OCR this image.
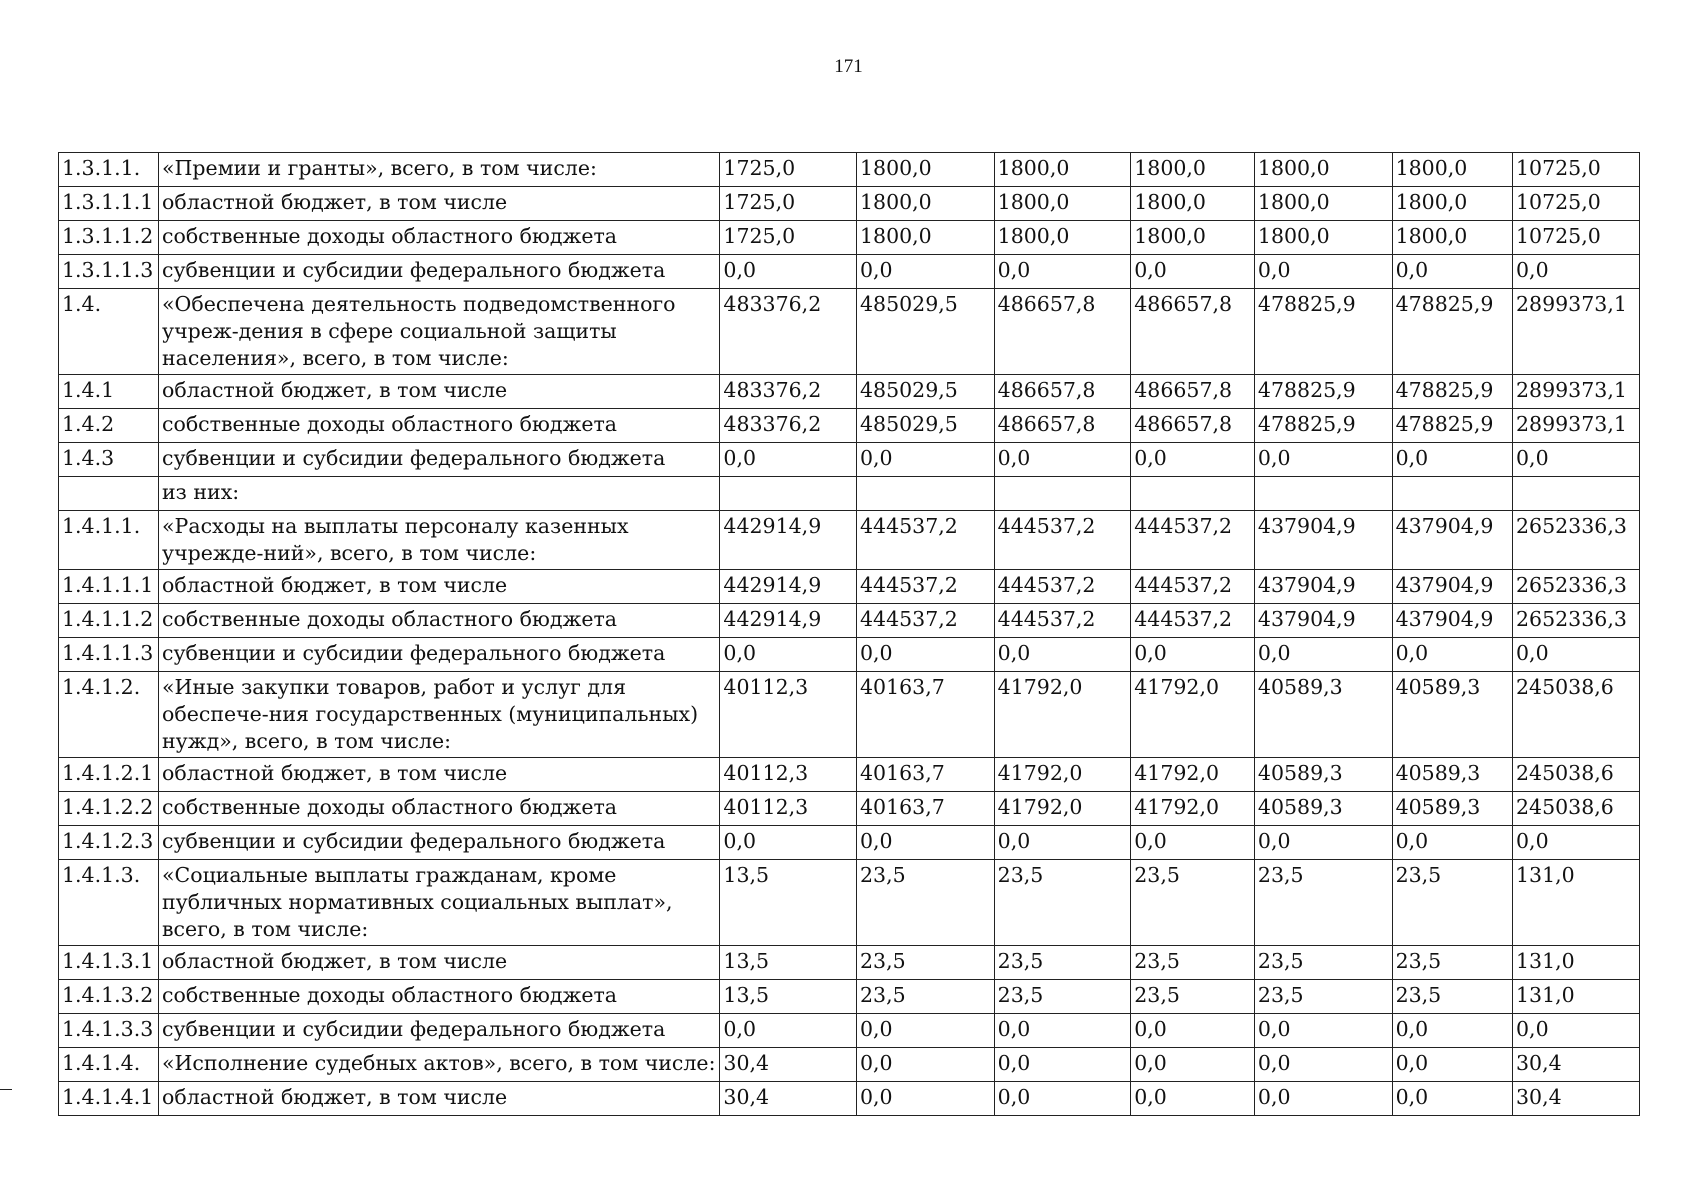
171
1.3.1.1.	«Премии и гранты», всего, в том числе:	1725,0	1800,0	1800,0	1800,0	1800,0	1800,0	10725,0
1.3.1.1.1	областной бюджет, в том числе	1725,0	1800,0	1800,0	1800,0	1800,0	1800,0	10725,0
1.3.1.1.2	собственные доходы областного бюджета	1725,0	1800,0	1800,0	1800,0	1800,0	1800,0	10725,0
1.3.1.1.3	субвенции и субсидии федерального бюджета	0,0	0,0	0,0	0,0	0,0	0,0	0,0
1.4.	«Обеспечена деятельность подведомственного учреж-дения в сфере социальной защиты населения», всего, в том числе:	483376,2	485029,5	486657,8	486657,8	478825,9	478825,9	2899373,1
1.4.1	областной бюджет, в том числе	483376,2	485029,5	486657,8	486657,8	478825,9	478825,9	2899373,1
1.4.2	собственные доходы областного бюджета	483376,2	485029,5	486657,8	486657,8	478825,9	478825,9	2899373,1
1.4.3	субвенции и субсидии федерального бюджета	0,0	0,0	0,0	0,0	0,0	0,0	0,0
	из них:							
1.4.1.1.	«Расходы на выплаты персоналу казенных учрежде-ний», всего, в том числе:	442914,9	444537,2	444537,2	444537,2	437904,9	437904,9	2652336,3
1.4.1.1.1	областной бюджет, в том числе	442914,9	444537,2	444537,2	444537,2	437904,9	437904,9	2652336,3
1.4.1.1.2	собственные доходы областного бюджета	442914,9	444537,2	444537,2	444537,2	437904,9	437904,9	2652336,3
1.4.1.1.3	субвенции и субсидии федерального бюджета	0,0	0,0	0,0	0,0	0,0	0,0	0,0
1.4.1.2.	«Иные закупки товаров, работ и услуг для обеспече-ния государственных (муниципальных) нужд», всего, в том числе:	40112,3	40163,7	41792,0	41792,0	40589,3	40589,3	245038,6
1.4.1.2.1	областной бюджет, в том числе	40112,3	40163,7	41792,0	41792,0	40589,3	40589,3	245038,6
1.4.1.2.2	собственные доходы областного бюджета	40112,3	40163,7	41792,0	41792,0	40589,3	40589,3	245038,6
1.4.1.2.3	субвенции и субсидии федерального бюджета	0,0	0,0	0,0	0,0	0,0	0,0	0,0
1.4.1.3.	«Социальные выплаты гражданам, кроме публичных нормативных социальных выплат», всего, в том числе:	13,5	23,5	23,5	23,5	23,5	23,5	131,0
1.4.1.3.1	областной бюджет, в том числе	13,5	23,5	23,5	23,5	23,5	23,5	131,0
1.4.1.3.2	собственные доходы областного бюджета	13,5	23,5	23,5	23,5	23,5	23,5	131,0
1.4.1.3.3	субвенции и субсидии федерального бюджета	0,0	0,0	0,0	0,0	0,0	0,0	0,0
1.4.1.4.	«Исполнение судебных актов», всего, в том числе:	30,4	0,0	0,0	0,0	0,0	0,0	30,4
1.4.1.4.1	областной бюджет, в том числе	30,4	0,0	0,0	0,0	0,0	0,0	30,4
